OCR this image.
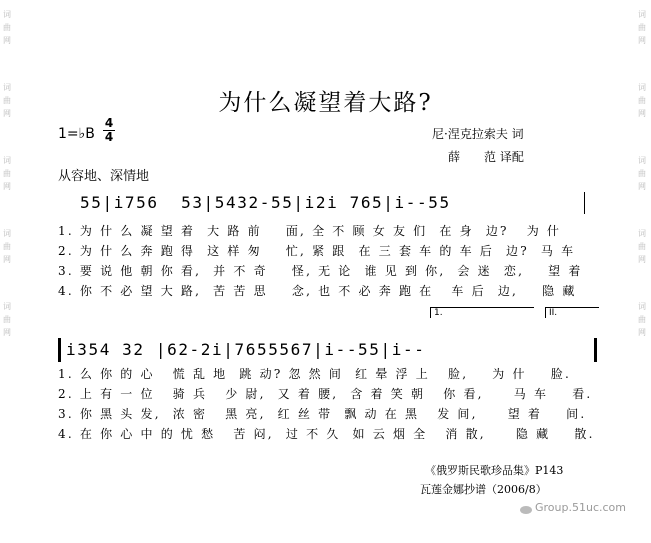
词
曲
网
词
曲
网
词
曲
网
词
曲
网
词
曲
网
词
曲
网
词
曲
网
词
曲
网
词
曲
网
词
曲
网
为什么凝望着大路?
1=♭B
4
4	尼·涅克拉索夫 词
薛　　范 译配
从容地、深情地
55|i756  53|5432-55|i2i 765|i--55
1. 为 什 么 凝 望 着  大 路 前    面, 全 不 顾 女 友 们  在 身  边?   为 什
2. 为 什 么 奔 跑 得  这 样 匆    忙, 紧 跟  在 三 套 车 的 车 后  边?  马 车
3. 要 说 他 朝 你 看,  并 不 奇    怪, 无 论  谁 见 到 你,  会 迷  恋,    望 着
4. 你 不 必 望 大 路,  苦 苦 思    念, 也 不 必 奔 跑 在   车 后  边,    隐 藏
1.	II.
i354 32 |62-2i|7655567|i--55|i--
1. 么 你 的 心   慌 乱 地  跳 动? 忽 然 间  红 晕 浮 上   脸,    为 什    脸.
2. 上 有 一 位   骑 兵   少 尉,  又 着 腰,  含 着 笑 朝   你 看,     马 车    看.
3. 你 黑 头 发,  浓 密   黑 亮,  红 丝 带  飘 动 在 黑   发 间,     望 着    间.
4. 在 你 心 中 的 忧 愁   苦 闷,  过 不 久  如 云 烟 全   消 散,     隐 藏    散.
《俄罗斯民歌珍品集》P143
瓦莲金娜抄谱（2006/8）
Group.51uc.com
